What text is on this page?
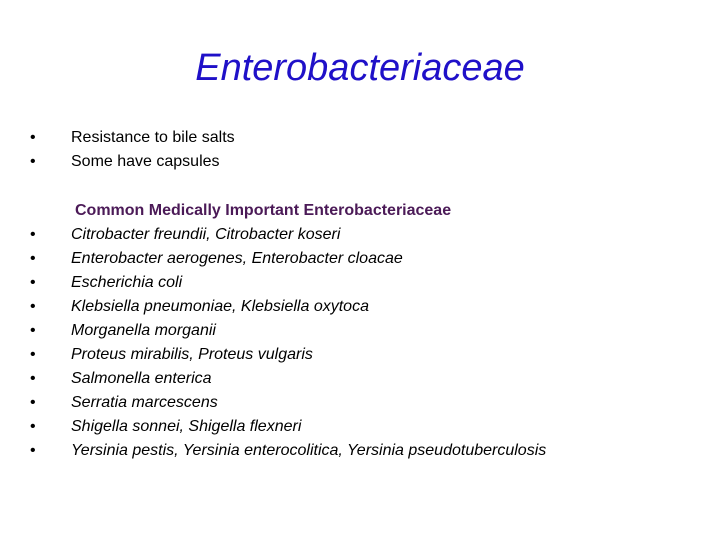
Enterobacteriaceae
•	Resistance to bile salts
•	Some have capsules
Common Medically Important Enterobacteriaceae
•	Citrobacter freundii, Citrobacter koseri
•	Enterobacter aerogenes, Enterobacter cloacae
•	Escherichia coli
•	Klebsiella pneumoniae, Klebsiella oxytoca
•	Morganella morganii
•	Proteus mirabilis, Proteus vulgaris
•	Salmonella enterica
•	Serratia marcescens
•	Shigella sonnei, Shigella flexneri
•	Yersinia pestis, Yersinia enterocolitica, Yersinia pseudotuberculosis
